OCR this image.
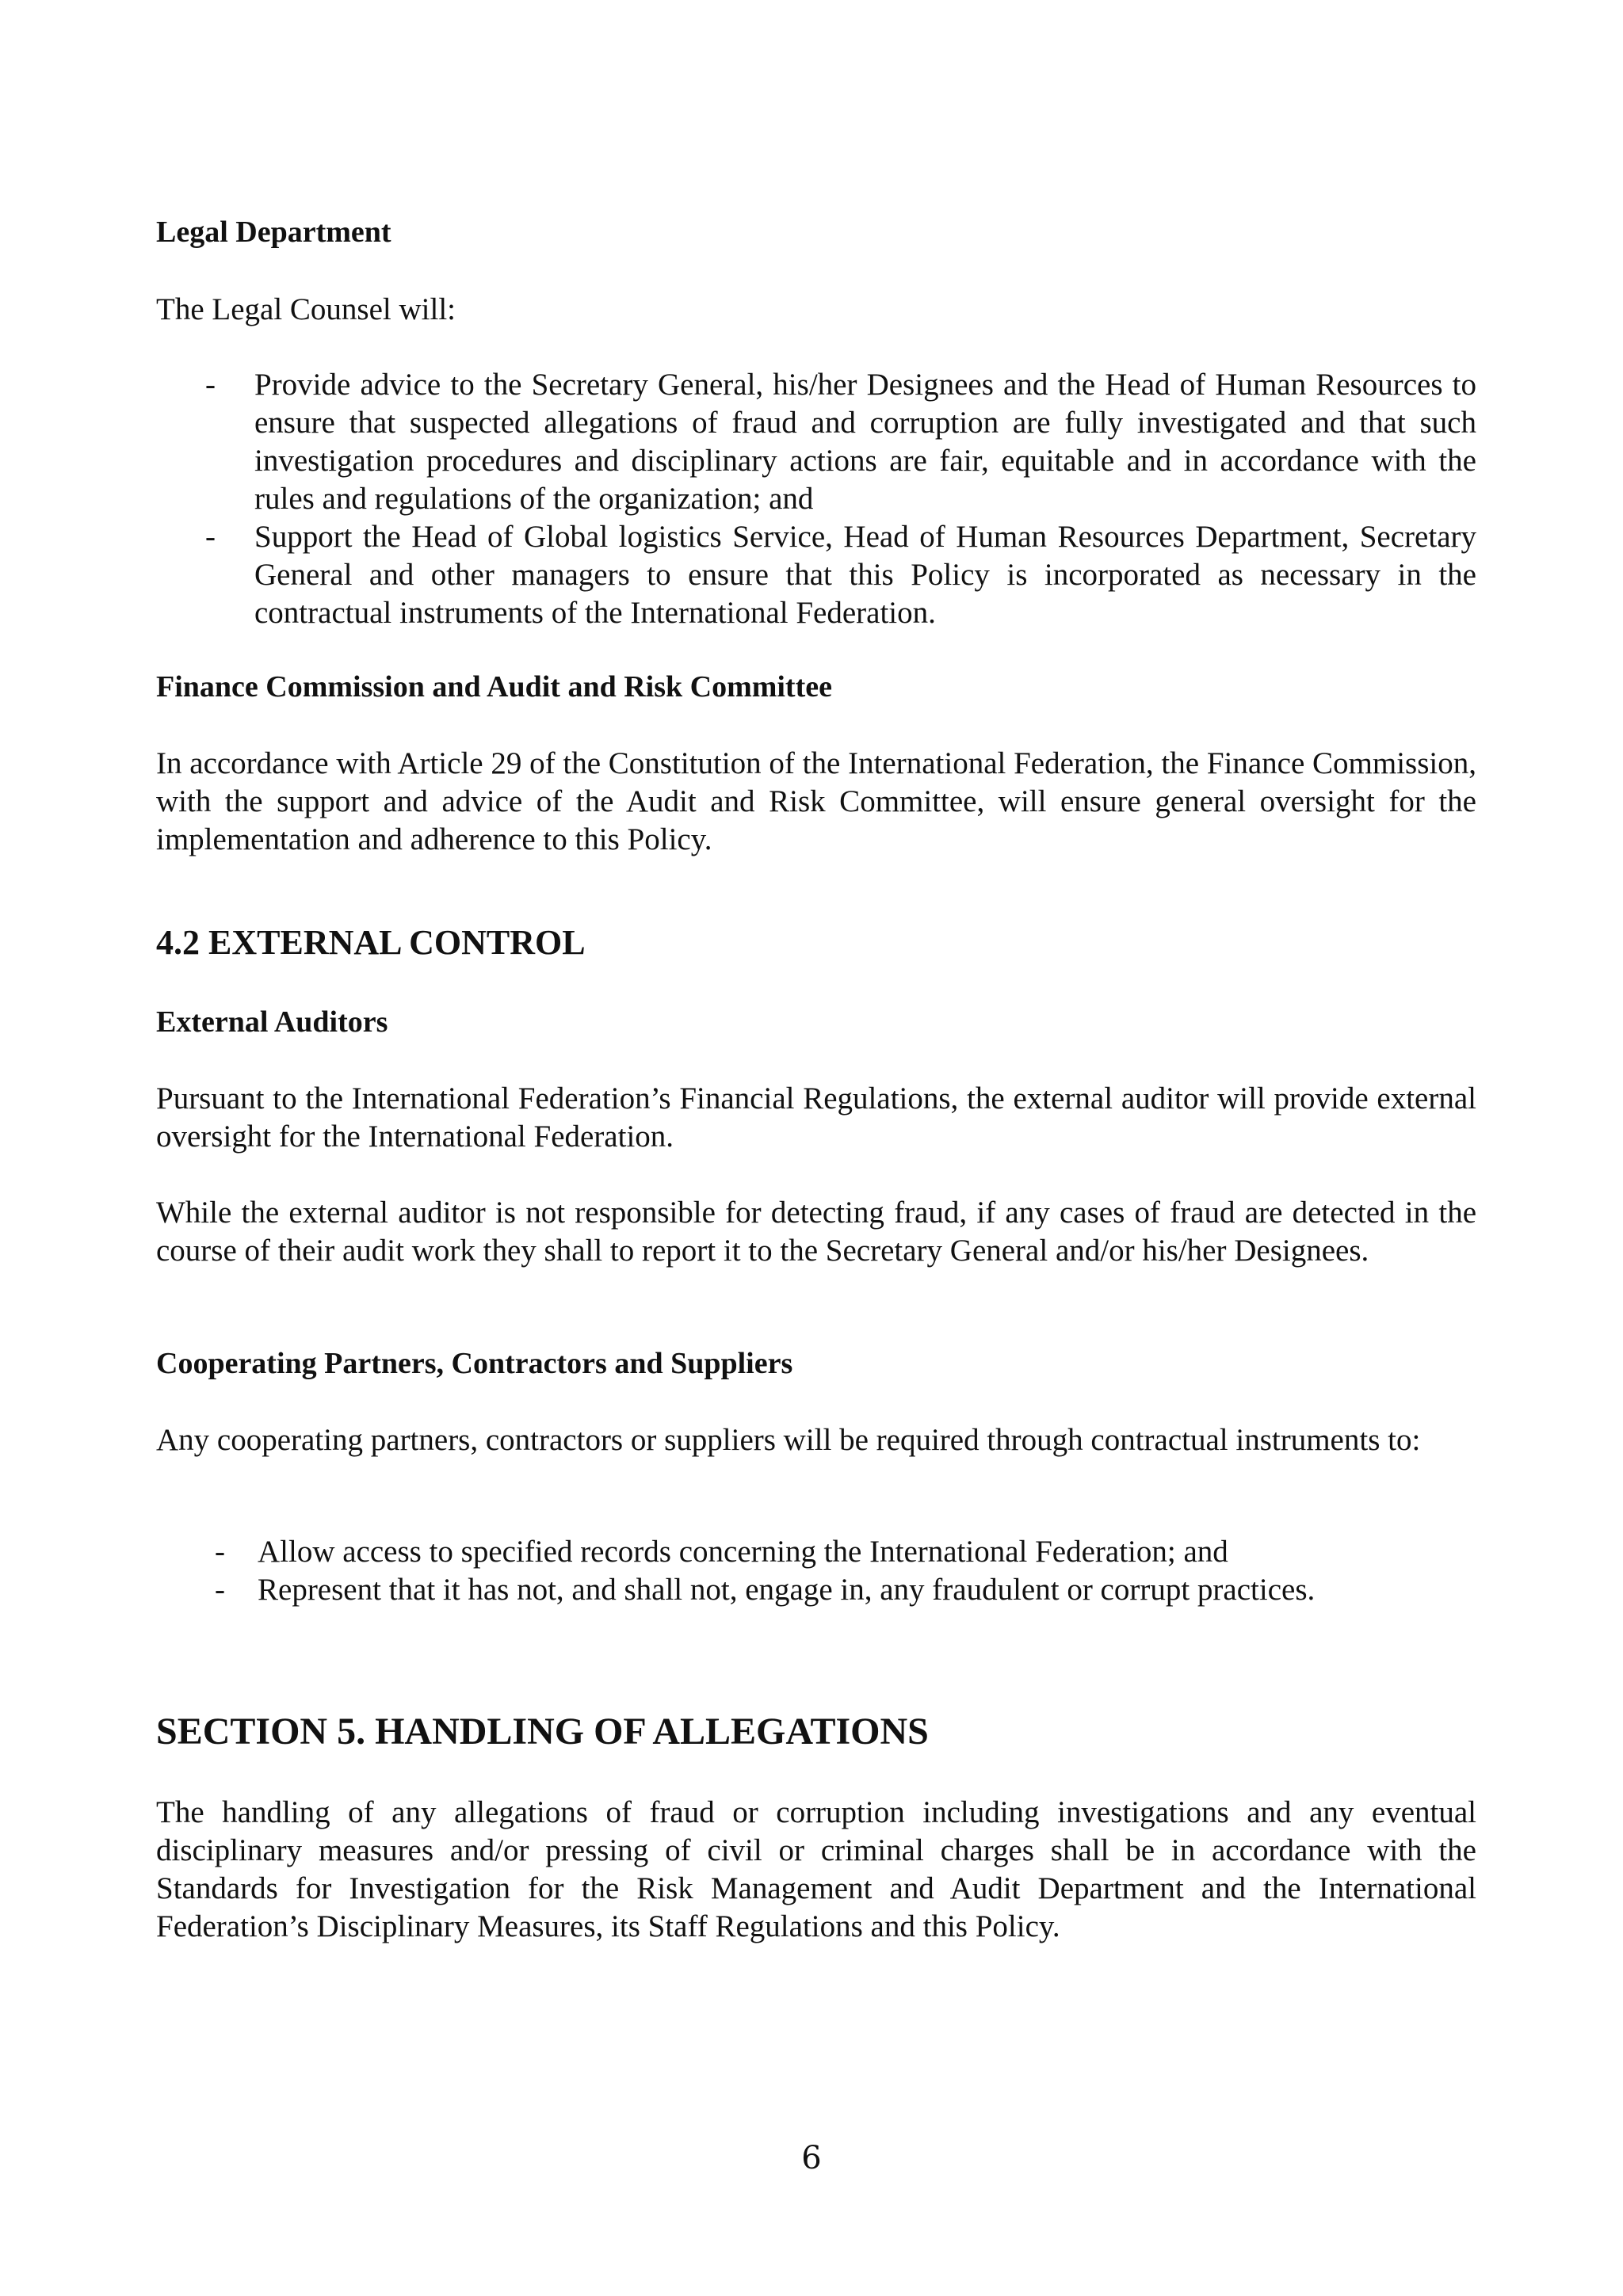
Legal Department
The Legal Counsel will:
- Provide advice to the Secretary General, his/her Designees and the Head of Human Resources to ensure that suspected allegations of fraud and corruption are fully investigated and that such investigation procedures and disciplinary actions are fair, equitable and in accordance with the rules and regulations of the organization; and
- Support the Head of Global logistics Service, Head of Human Resources Department, Secretary General and other managers to ensure that this Policy is incorporated as necessary in the contractual instruments of the International Federation.
Finance Commission and Audit and Risk Committee
In accordance with Article 29 of the Constitution of the International Federation, the Finance Commission, with the support and advice of the Audit and Risk Committee, will ensure general oversight for the implementation and adherence to this Policy.
4.2 EXTERNAL CONTROL
External Auditors
Pursuant to the International Federation’s Financial Regulations, the external auditor will provide external oversight for the International Federation.
While the external auditor is not responsible for detecting fraud, if any cases of fraud are detected in the course of their audit work they shall to report it to the Secretary General and/or his/her Designees.
Cooperating Partners, Contractors and Suppliers
Any cooperating partners, contractors or suppliers will be required through contractual instruments to:
- Allow access to specified records concerning the International Federation; and
- Represent that it has not, and shall not, engage in, any fraudulent or corrupt practices.
SECTION 5. HANDLING OF ALLEGATIONS
The handling of any allegations of fraud or corruption including investigations and any eventual disciplinary measures and/or pressing of civil or criminal charges shall be in accordance with the Standards for Investigation for the Risk Management and Audit Department and the International Federation’s Disciplinary Measures, its Staff Regulations and this Policy.
6
